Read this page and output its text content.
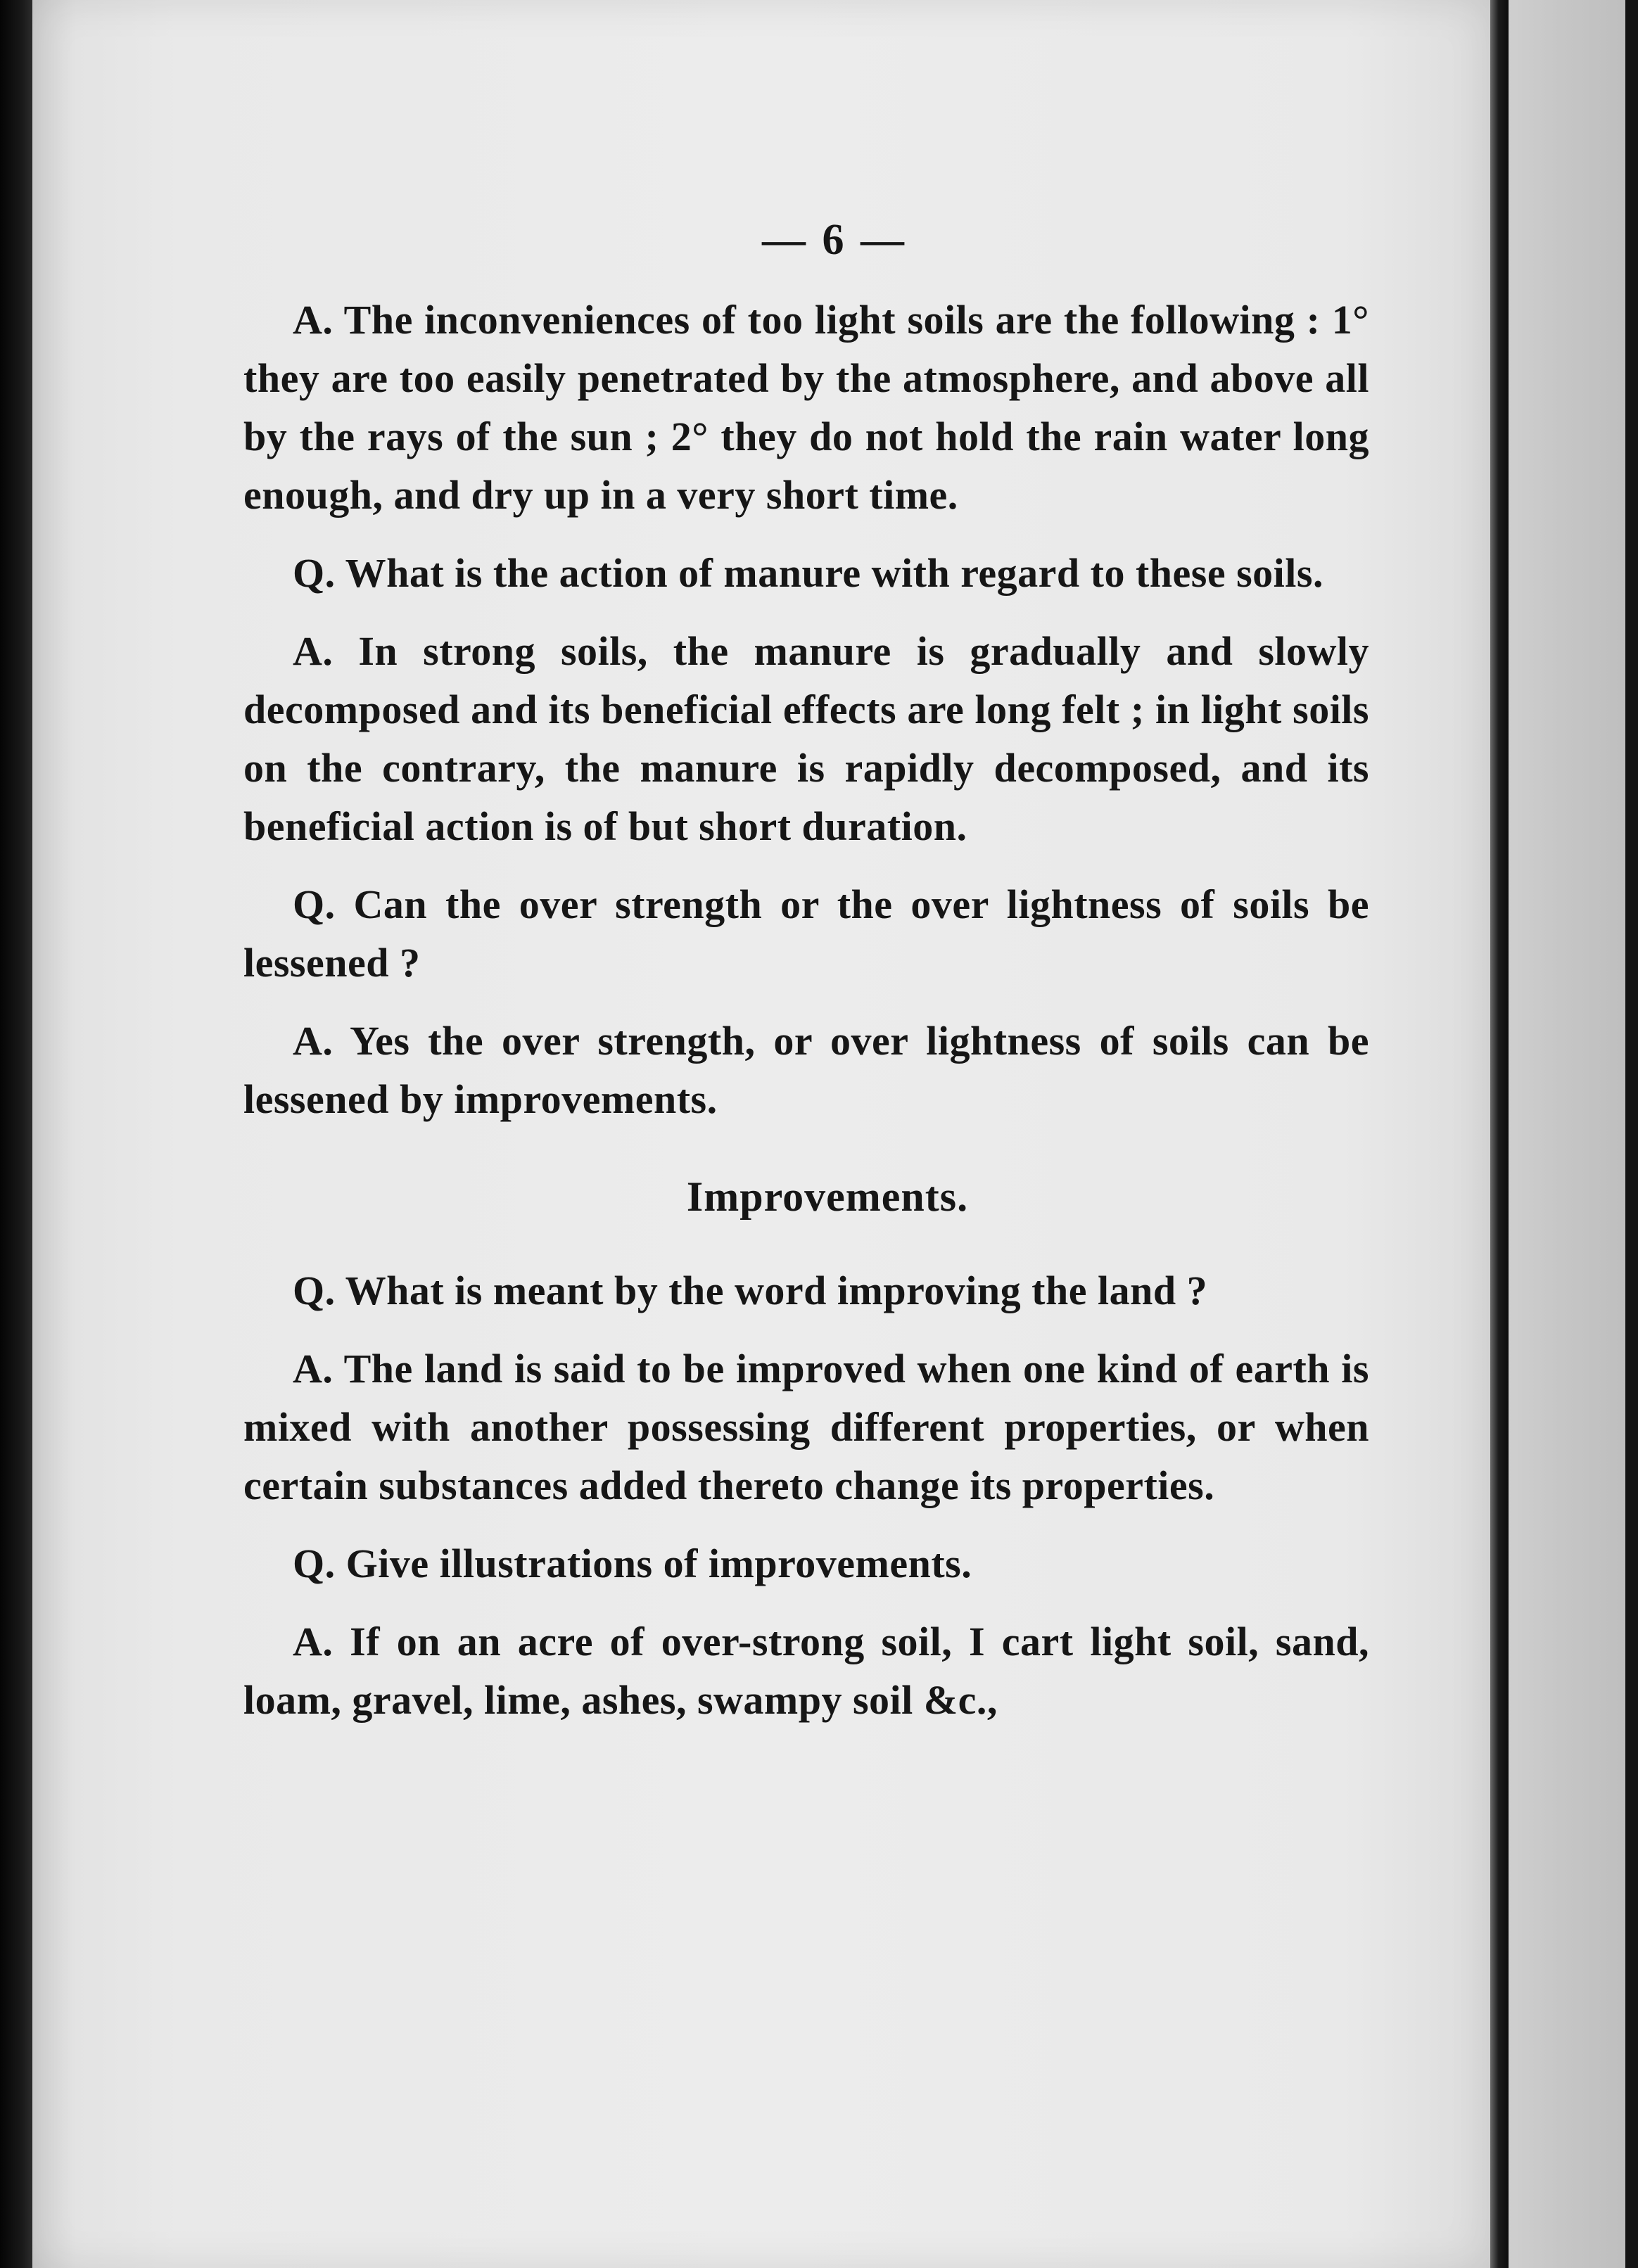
— 6 —

A. The inconveniences of too light soils are the following : 1° they are too easily penetrated by the atmosphere, and above all by the rays of the sun ; 2° they do not hold the rain water long enough, and dry up in a very short time.

Q. What is the action of manure with regard to these soils.

A. In strong soils, the manure is gradually and slowly decomposed and its beneficial effects are long felt ; in light soils on the contrary, the manure is rapidly decomposed, and its beneficial action is of but short duration.

Q. Can the over strength or the over lightness of soils be lessened ?

A. Yes the over strength, or over lightness of soils can be lessened by improvements.

Improvements.

Q. What is meant by the word improving the land ?

A. The land is said to be improved when one kind of earth is mixed with another possessing different properties, or when certain substances added thereto change its properties.

Q. Give illustrations of improvements.

A. If on an acre of over-strong soil, I cart light soil, sand, loam, gravel, lime, ashes, swampy soil &c.,
